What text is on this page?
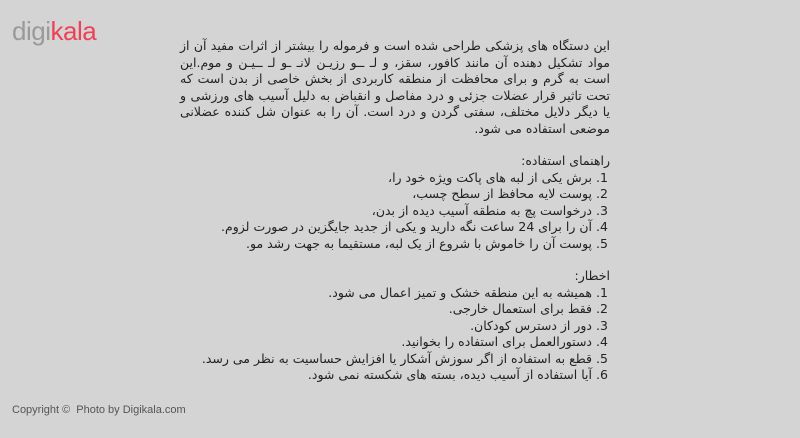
digikala	این دستگاه های پزشکی طراحی شده است و فرموله را بیشتر از اثرات مفید آن از مواد تشکیل دهنده آن مانند کافور، سقز، و لـ ــو رزیـن لانـ ـو لـ ــیـن و موم.این است به گرم و برای محافظت از منطقه کاربردی از بخش خاصی از بدن است که تحت تاثیر قرار عضلات جزئی و درد مفاصل و انقباض به دلیل آسیب های ورزشی و یا دیگر دلایل مختلف، سفتی گردن و درد است. آن را به عنوان شل کننده عضلانی موضعی استفاده می شود.

راهنمای استفاده:

1. برش یکی از لبه های پاکت ویژه خود را،
2. پوست لایه محافظ از سطح چسب،
3. درخواست پچ به منطقه آسیب دیده از بدن،
4. آن را برای 24 ساعت نگه دارید و یکی از جدید جایگزین در صورت لزوم.
5. پوست آن را خاموش با شروع از یک لبه، مستقیما به جهت رشد مو.

اخطار:

1. همیشه به این منطقه خشک و تمیز اعمال می شود.
2. فقط برای استعمال خارجی.
3. دور از دسترس کودکان.
4. دستورالعمل برای استفاده را بخوانید.
5. قطع به استفاده از اگر سوزش آشکار یا افزایش حساسیت به نظر می رسد.
6. آیا استفاده از آسیب دیده، بسته های شکسته نمی شود.
Copyright © Photo by Digikala.com
